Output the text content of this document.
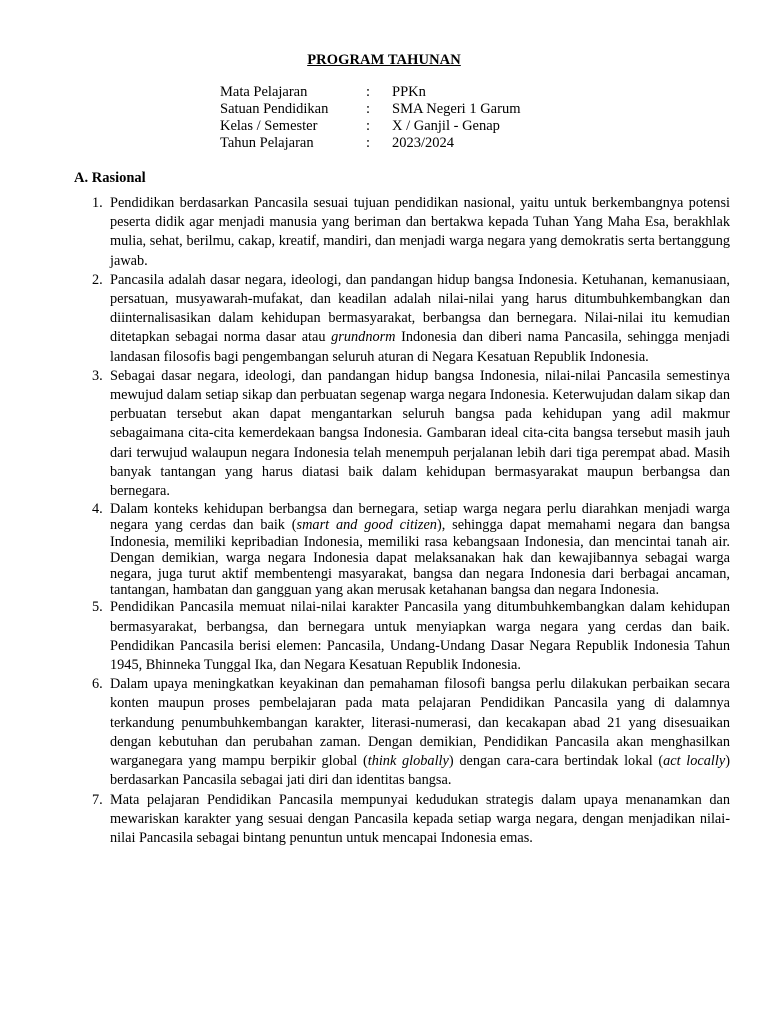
PROGRAM TAHUNAN
Mata Pelajaran	:	PPKn
Satuan Pendidikan	:	SMA Negeri 1 Garum
Kelas / Semester	:	X / Ganjil - Genap
Tahun Pelajaran	:	2023/2024
A. Rasional
1. Pendidikan berdasarkan Pancasila sesuai tujuan pendidikan nasional, yaitu untuk berkembangnya potensi peserta didik agar menjadi manusia yang beriman dan bertakwa kepada Tuhan Yang Maha Esa, berakhlak mulia, sehat, berilmu, cakap, kreatif, mandiri, dan menjadi warga negara yang demokratis serta bertanggung jawab.

2. Pancasila adalah dasar negara, ideologi, dan pandangan hidup bangsa Indonesia. Ketuhanan, kemanusiaan, persatuan, musyawarah-mufakat, dan keadilan adalah nilai-nilai yang harus ditumbuhkembangkan dan diinternalisasikan dalam kehidupan bermasyarakat, berbangsa dan bernegara. Nilai-nilai itu kemudian ditetapkan sebagai norma dasar atau grundnorm Indonesia dan diberi nama Pancasila, sehingga menjadi landasan filosofis bagi pengembangan seluruh aturan di Negara Kesatuan Republik Indonesia.

3. Sebagai dasar negara, ideologi, dan pandangan hidup bangsa Indonesia, nilai-nilai Pancasila semestinya mewujud dalam setiap sikap dan perbuatan segenap warga negara Indonesia. Keterwujudan dalam sikap dan perbuatan tersebut akan dapat mengantarkan seluruh bangsa pada kehidupan yang adil makmur sebagaimana cita-cita kemerdekaan bangsa Indonesia. Gambaran ideal cita-cita bangsa tersebut masih jauh dari terwujud walaupun negara Indonesia telah menempuh perjalanan lebih dari tiga perempat abad. Masih banyak tantangan yang harus diatasi baik dalam kehidupan bermasyarakat maupun berbangsa dan bernegara.

4. Dalam konteks kehidupan berbangsa dan bernegara, setiap warga negara perlu diarahkan menjadi warga negara yang cerdas dan baik (smart and good citizen), sehingga dapat memahami negara dan bangsa Indonesia, memiliki kepribadian Indonesia, memiliki rasa kebangsaan Indonesia, dan mencintai tanah air. Dengan demikian, warga negara Indonesia dapat melaksanakan hak dan kewajibannya sebagai warga negara, juga turut aktif membentengi masyarakat, bangsa dan negara Indonesia dari berbagai ancaman, tantangan, hambatan dan gangguan yang akan merusak ketahanan bangsa dan negara Indonesia.

5. Pendidikan Pancasila memuat nilai-nilai karakter Pancasila yang ditumbuhkembangkan dalam kehidupan bermasyarakat, berbangsa, dan bernegara untuk menyiapkan warga negara yang cerdas dan baik. Pendidikan Pancasila berisi elemen: Pancasila, Undang-Undang Dasar Negara Republik Indonesia Tahun 1945, Bhinneka Tunggal Ika, dan Negara Kesatuan Republik Indonesia.

6. Dalam upaya meningkatkan keyakinan dan pemahaman filosofi bangsa perlu dilakukan perbaikan secara konten maupun proses pembelajaran pada mata pelajaran Pendidikan Pancasila yang di dalamnya terkandung penumbuhkembangan karakter, literasi-numerasi, dan kecakapan abad 21 yang disesuaikan dengan kebutuhan dan perubahan zaman. Dengan demikian, Pendidikan Pancasila akan menghasilkan warganegara yang mampu berpikir global (think globally) dengan cara-cara bertindak lokal (act locally) berdasarkan Pancasila sebagai jati diri dan identitas bangsa.

7. Mata pelajaran Pendidikan Pancasila mempunyai kedudukan strategis dalam upaya menanamkan dan mewariskan karakter yang sesuai dengan Pancasila kepada setiap warga negara, dengan menjadikan nilai- nilai Pancasila sebagai bintang penuntun untuk mencapai Indonesia emas.
